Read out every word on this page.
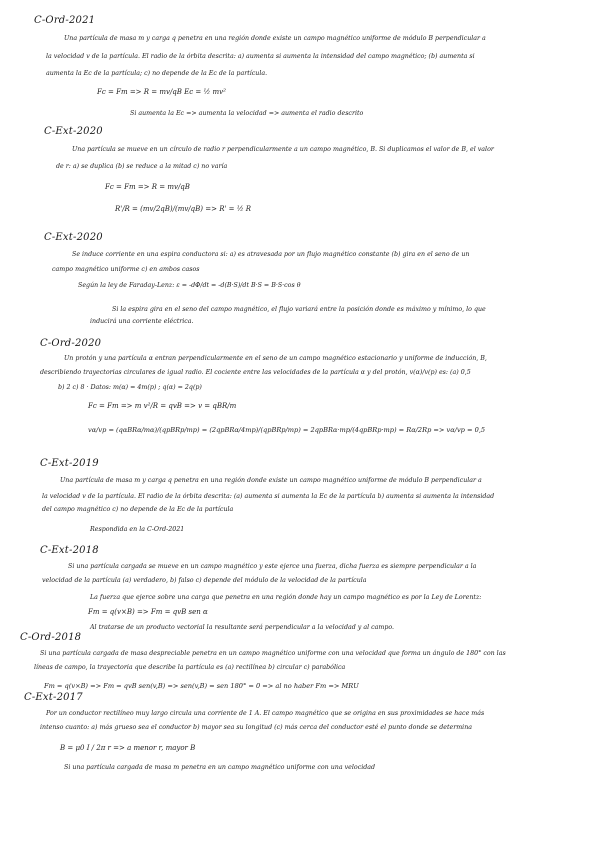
C-Ord-2021
Una partícula de masa m y carga q penetra en una región donde existe un campo magnético uniforme de módulo B perpendicular a
la velocidad v de la partícula. El radio de la órbita descrita: a) aumenta si aumenta la intensidad del campo magnético; (b) aumenta si
aumenta la Ec de la partícula; c) no depende de la Ec de la partícula.
Fc = Fm => R = mv/qB Ec = ½ mv²
Si aumenta la Ec => aumenta la velocidad => aumenta el radio descrito
C-Ext-2020
Una partícula se mueve en un círculo de radio r perpendicularmente a un campo magnético, B. Si duplicamos el valor de B, el valor
de r: a) se duplica (b) se reduce a la mitad c) no varía
Fc = Fm => R = mv/qB
R'/R = (mv/2qB)/(mv/qB) => R' = ½ R
C-Ext-2020
Se induce corriente en una espira conductora si: a) es atravesada por un flujo magnético constante (b) gira en el seno de un
campo magnético uniforme c) en ambos casos
Según la ley de Faraday-Lenz: ε = -dΦ/dt = -d(B·S)/dt B·S = B·S·cos θ
Si la espira gira en el seno del campo magnético, el flujo variará entre la posición donde es máximo y mínimo, lo que
inducirá una corriente eléctrica.
C-Ord-2020
Un protón y una partícula α entran perpendicularmente en el seno de un campo magnético estacionario y uniforme de inducción, B,
describiendo trayectorias circulares de igual radio. El cociente entre las velocidades de la partícula α y del protón, v(α)/v(p) es: (a) 0,5
b) 2 c) 8 · Datos: m(α) = 4m(p) ; q(α) = 2q(p)
Fc = Fm => m v²/R = qvB => v = qBR/m
vα/vp = (qαBRα/mα)/(qpBRp/mp) = (2qpBRα/4mp)/(qpBRp/mp) = 2qpBRα·mp/(4qpBRp·mp) = Rα/2Rp => vα/vp = 0,5
C-Ext-2019
Una partícula de masa m y carga q penetra en una región donde existe un campo magnético uniforme de módulo B perpendicular a
la velocidad v de la partícula. El radio de la órbita descrita: (a) aumenta si aumenta la Ec de la partícula b) aumenta si aumenta la intensidad
del campo magnético c) no depende de la Ec de la partícula
Respondida en la C-Ord-2021
C-Ext-2018
Si una partícula cargada se mueve en un campo magnético y este ejerce una fuerza, dicha fuerza es siempre perpendicular a la
velocidad de la partícula (a) verdadero, b) falso c) depende del módulo de la velocidad de la partícula
La fuerza que ejerce sobre una carga que penetra en una región donde hay un campo magnético es por la Ley de Lorentz:
Fm = q(v×B) => Fm = qvB sen α
Al tratarse de un producto vectorial la resultante será perpendicular a la velocidad y al campo.
C-Ord-2018
Si una partícula cargada de masa despreciable penetra en un campo magnético uniforme con una velocidad que forma un ángulo de 180° con las
líneas de campo, la trayectoria que describe la partícula es (a) rectilínea b) circular c) parabólica
Fm = q(v×B) => Fm = qvB sen(v,B) => sen(v,B) = sen 180° = 0 => al no haber Fm => MRU
C-Ext-2017
Por un conductor rectilíneo muy largo circula una corriente de 1 A. El campo magnético que se origina en sus proximidades se hace más
intenso cuanto: a) más grueso sea el conductor b) mayor sea su longitud (c) más cerca del conductor esté el punto donde se determina
B = μ0 I / 2π r => a menor r, mayor B
Si una partícula cargada de masa m penetra en un campo magnético uniforme con una velocidad
